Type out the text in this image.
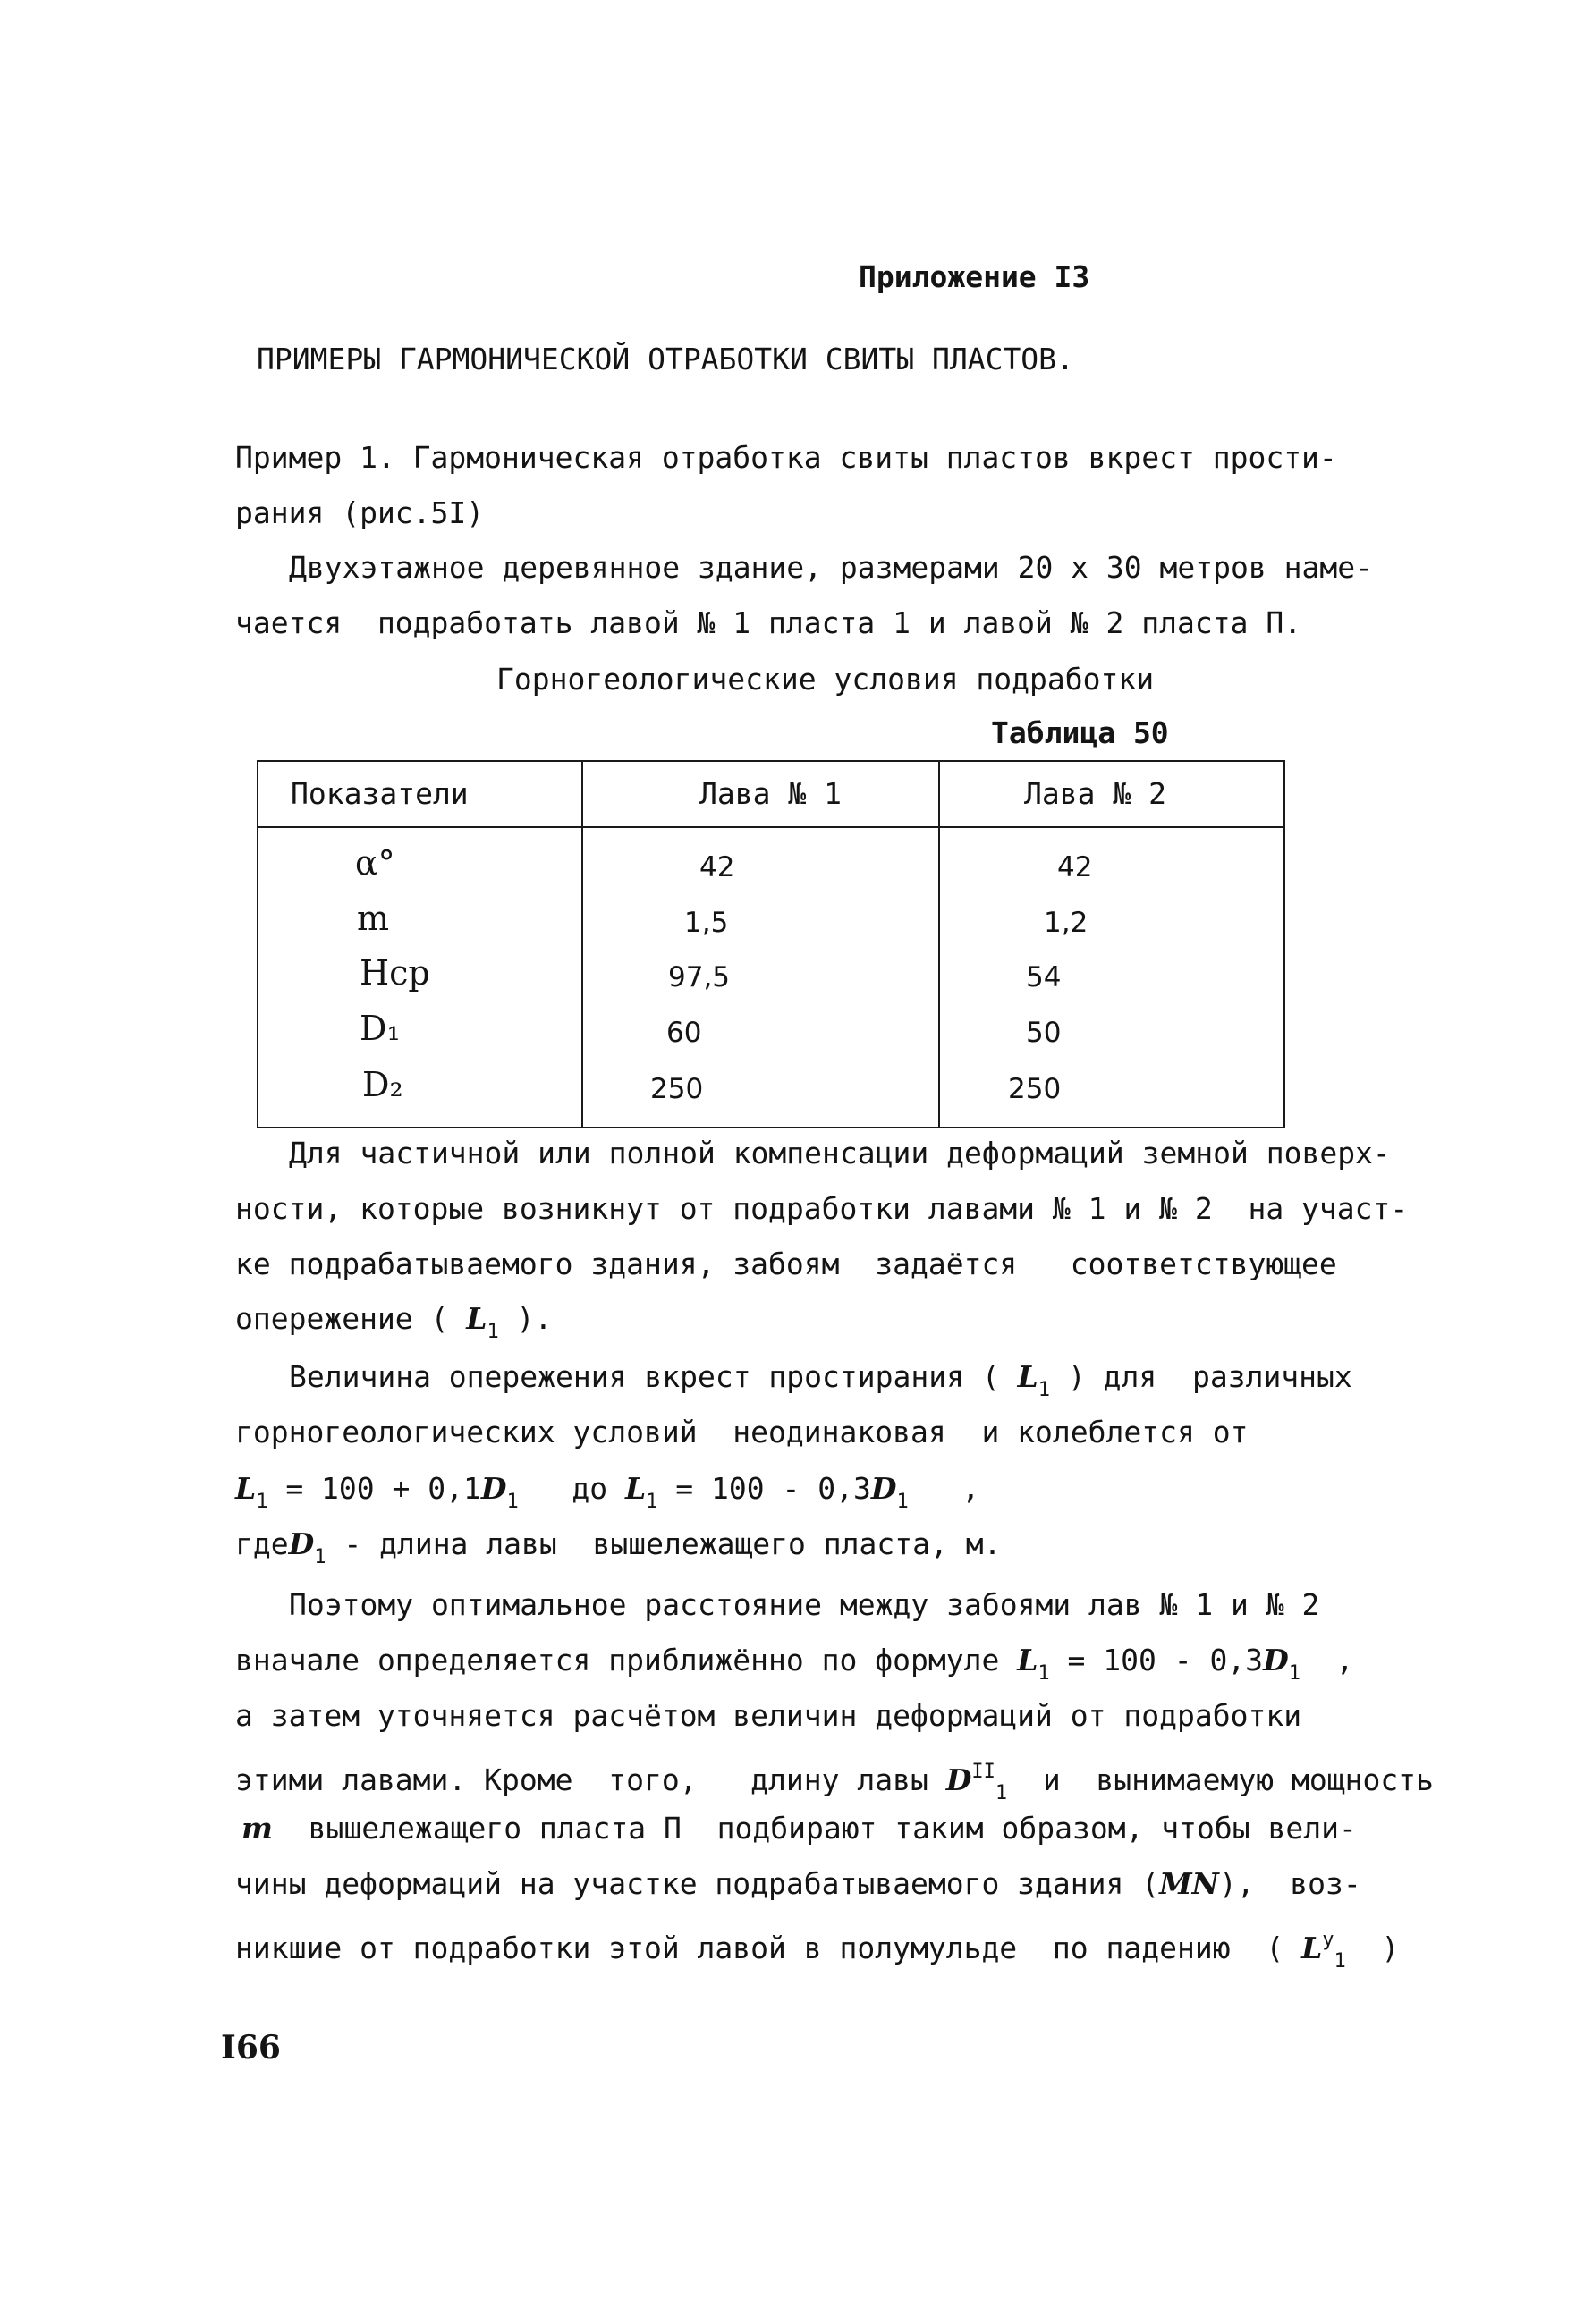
Приложение I3
ПРИМЕРЫ ГАРМОНИЧЕСКОЙ ОТРАБОТКИ СВИТЫ ПЛАСТОВ.
Пример 1. Гармоническая отработка свиты пластов вкрест прости-
рания (рис.5I)
Двухэтажное деревянное здание, размерами 20 x 30 метров наме-
чается  подработать лавой № 1 пласта 1 и лавой № 2 пласта П.
Горногеологические условия подработки
Таблица 50
Показатели	Лава № 1	Лава № 2
α°	42	42
m	1,5	1,2
Hср	97,5	54
D₁	60	50
D₂	250	250
Для частичной или полной компенсации деформаций земной поверх-
ности, которые возникнут от подработки лавами № 1 и № 2  на участ-
ке подрабатываемого здания, забоям  задаётся   соответствующее
опережение ( $L_1$ ).
Величина опережения вкрест простирания ( $L_1$ ) для  различных
горногеологических условий  неодинаковая  и колеблется от
$L_1 = 100 + 0,1D_1$   до $L_1 = 100 - 0,3D_1$   ,
гдеD$_1$ - длина лавы  вышележащего пласта, м.
Поэтому оптимальное расстояние между забоями лав № 1 и № 2
вначале определяется приближённо по формуле $L_1 = 100 - 0,3D_1$  ,
а затем уточняется расчётом величин деформаций от подработки
этими лавами. Кроме  того,   длину лавы $D^{II}_1$  и  вынимаемую мощность
m  вышележащего пласта П  подбирают таким образом, чтобы вели-
чины деформаций на участке подрабатываемого здания (MN),  воз-
никшие от подработки этой лавой в полумульде  по падению  ( $L^y_1$  )
I66
